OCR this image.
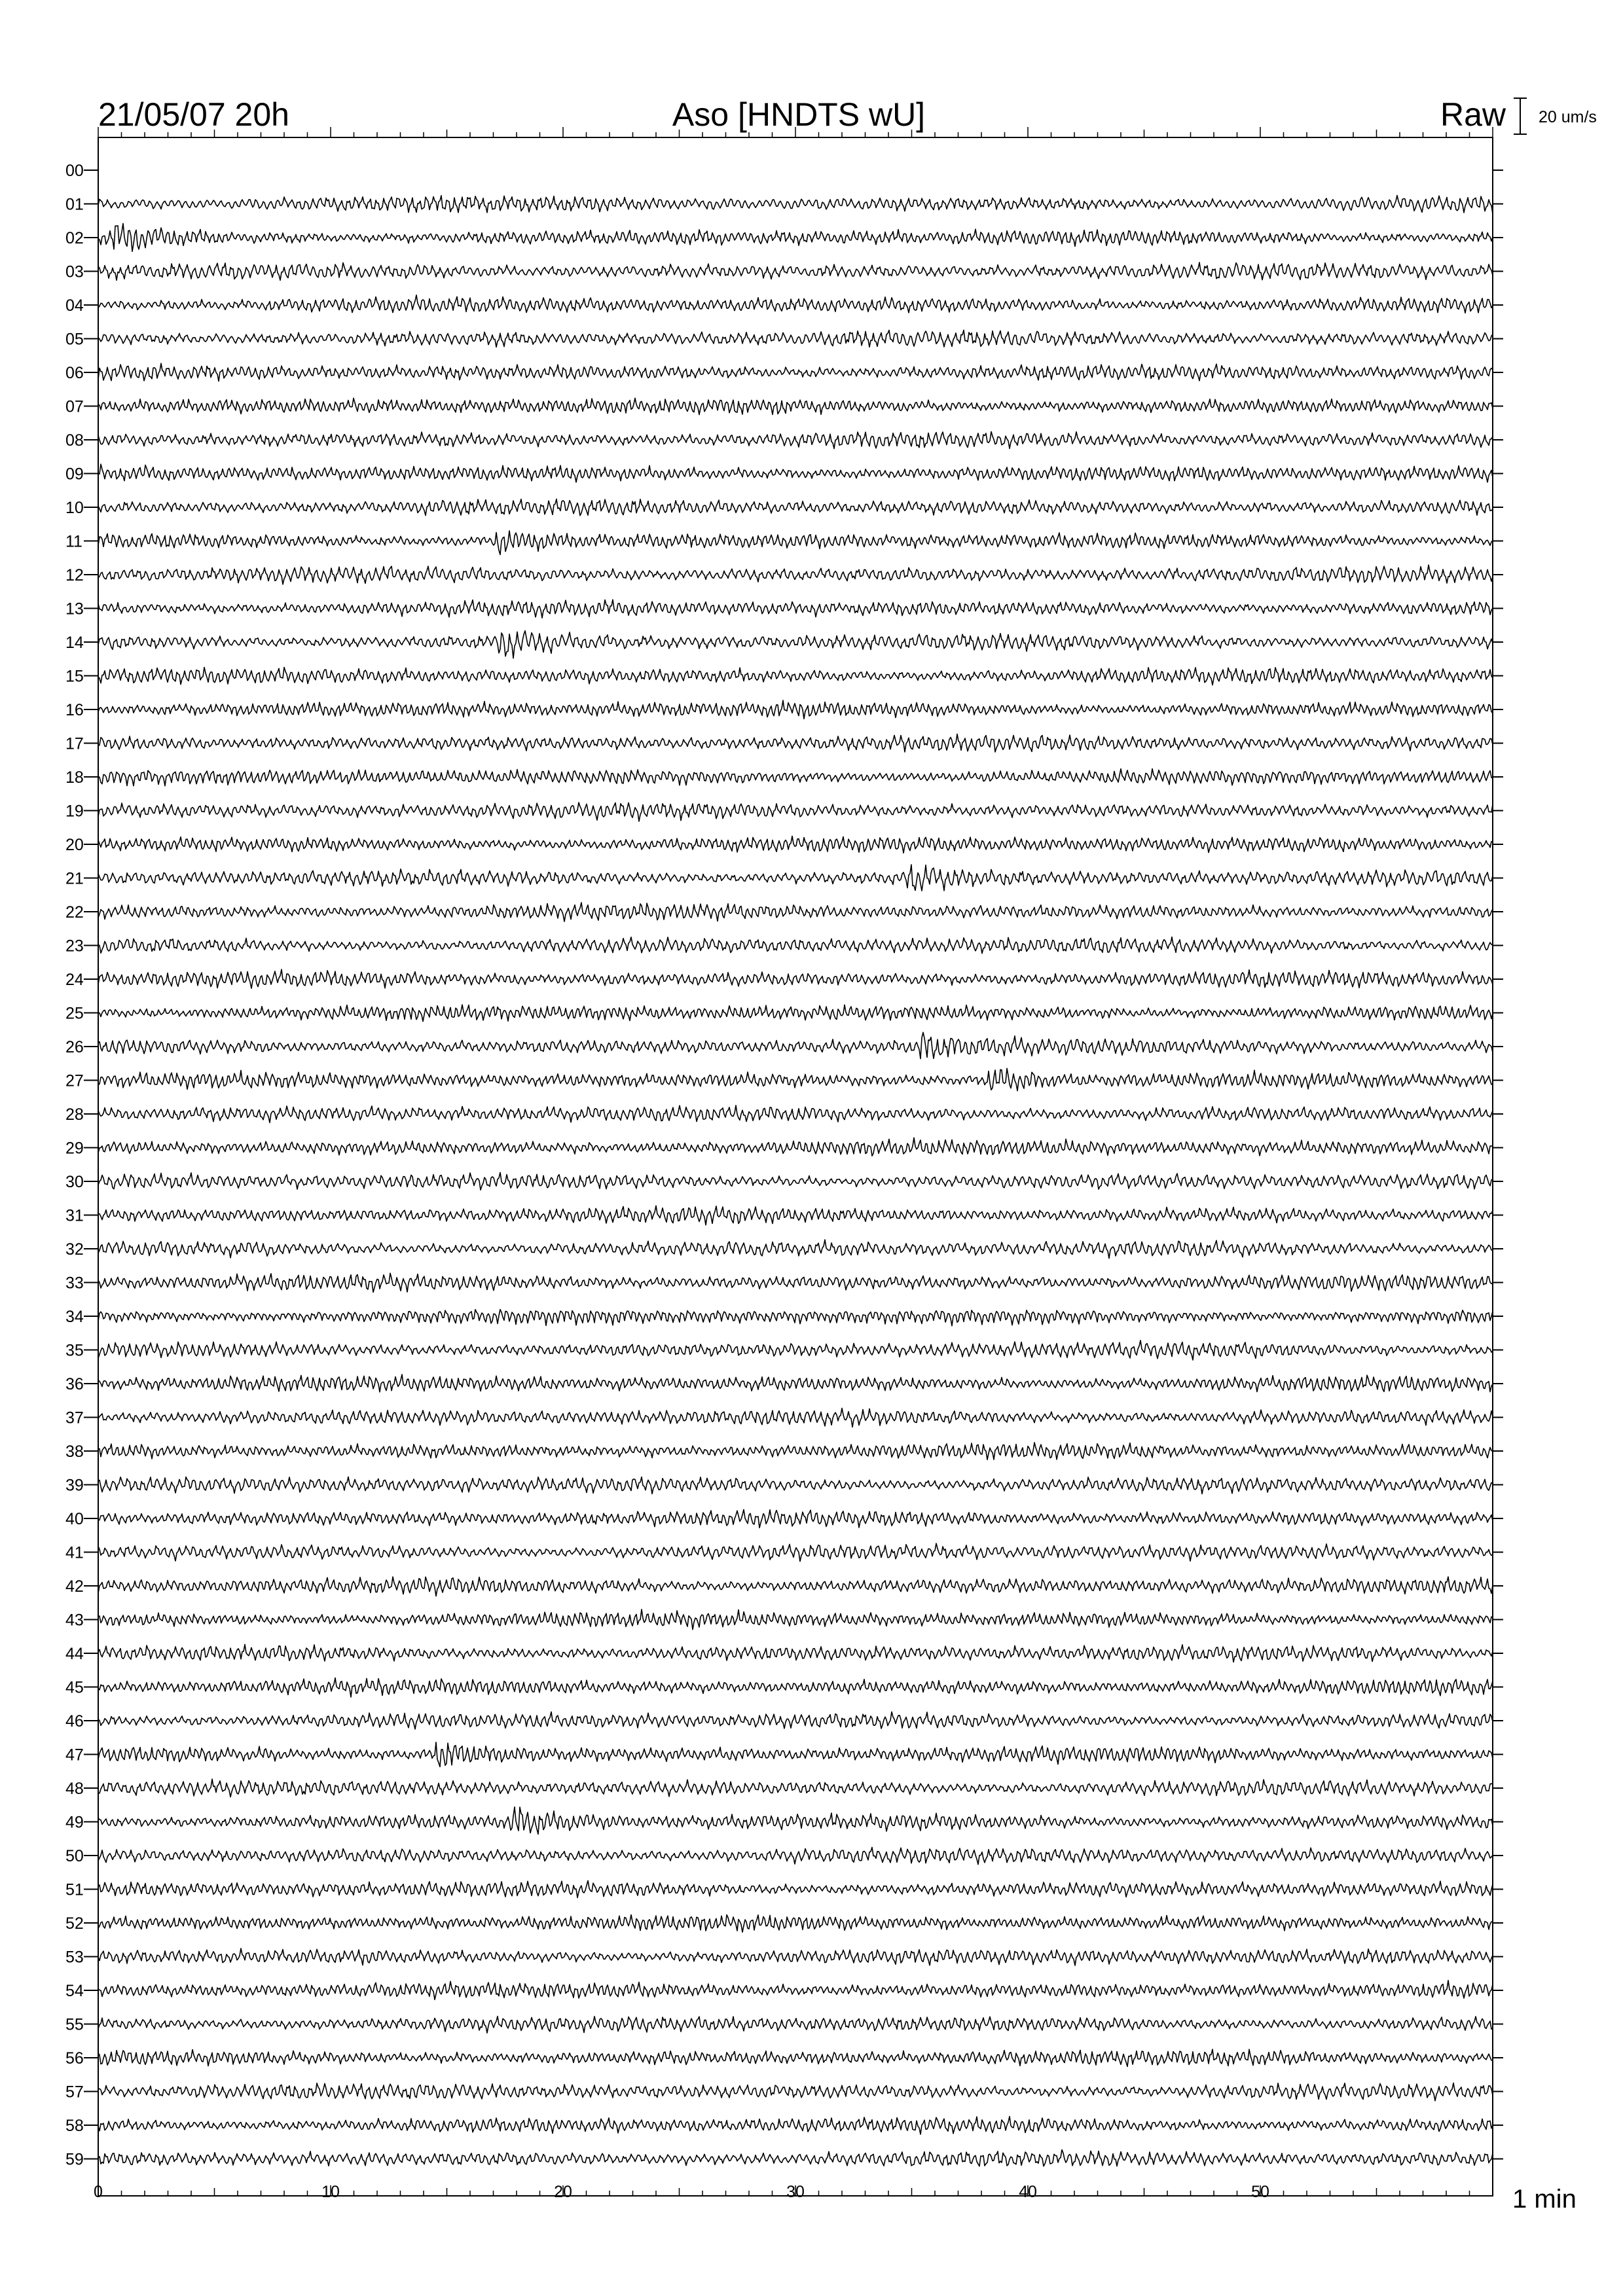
21/05/07 20h	Aso [HNDTS wU]	Raw 20 um/s
00
01
02
03
04
05
06
07
08
09
10
11
12
13
14
15
16
17
18
19
20
21
22
23
24
25
26
27
28
29
30
31
32
33
34
35
36
37
38
39
40
41
42
43
44
45
46
47
48
49
50
51
52
53
54
55
56
57
58
59
0	10	20	30	40	50	1 min
